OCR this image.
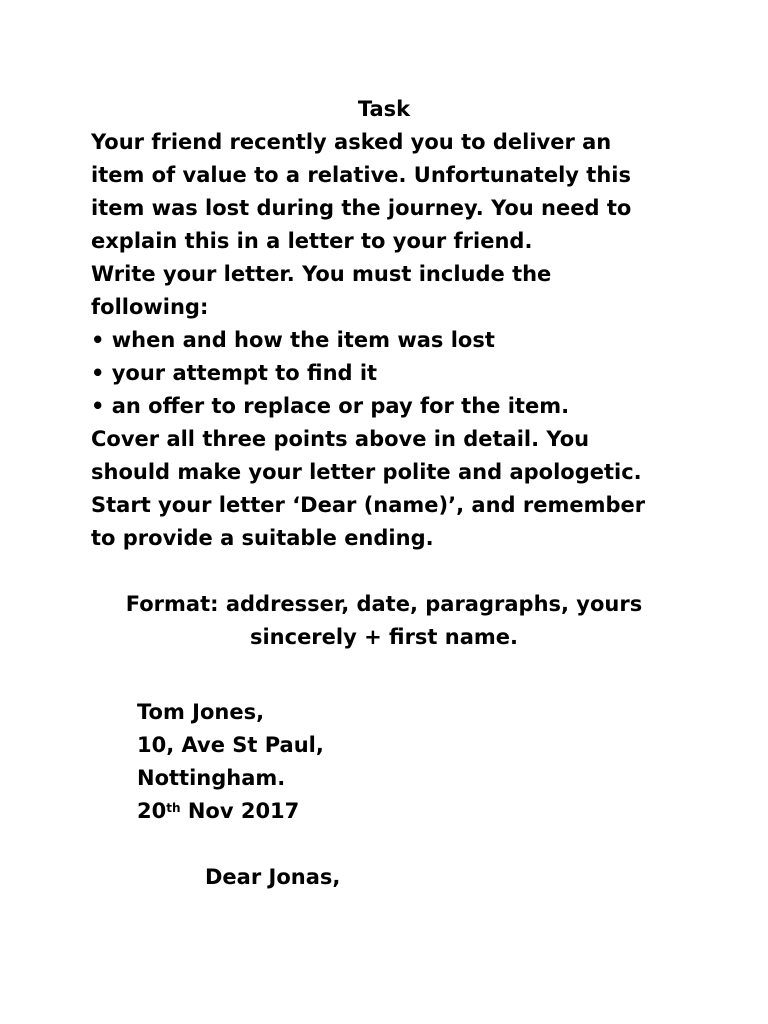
Task
Your friend recently asked you to deliver an
item of value to a relative. Unfortunately this
item was lost during the journey. You need to
explain this in a letter to your friend.
Write your letter. You must include the
following:
• when and how the item was lost
• your attempt to find it
• an offer to replace or pay for the item.
Cover all three points above in detail. You
should make your letter polite and apologetic.
Start your letter ‘Dear (name)’, and remember
to provide a suitable ending.
Format: addresser, date, paragraphs, yours
sincerely + first name.
Tom Jones,
10, Ave St Paul,
Nottingham.
20th Nov 2017
Dear Jonas,
